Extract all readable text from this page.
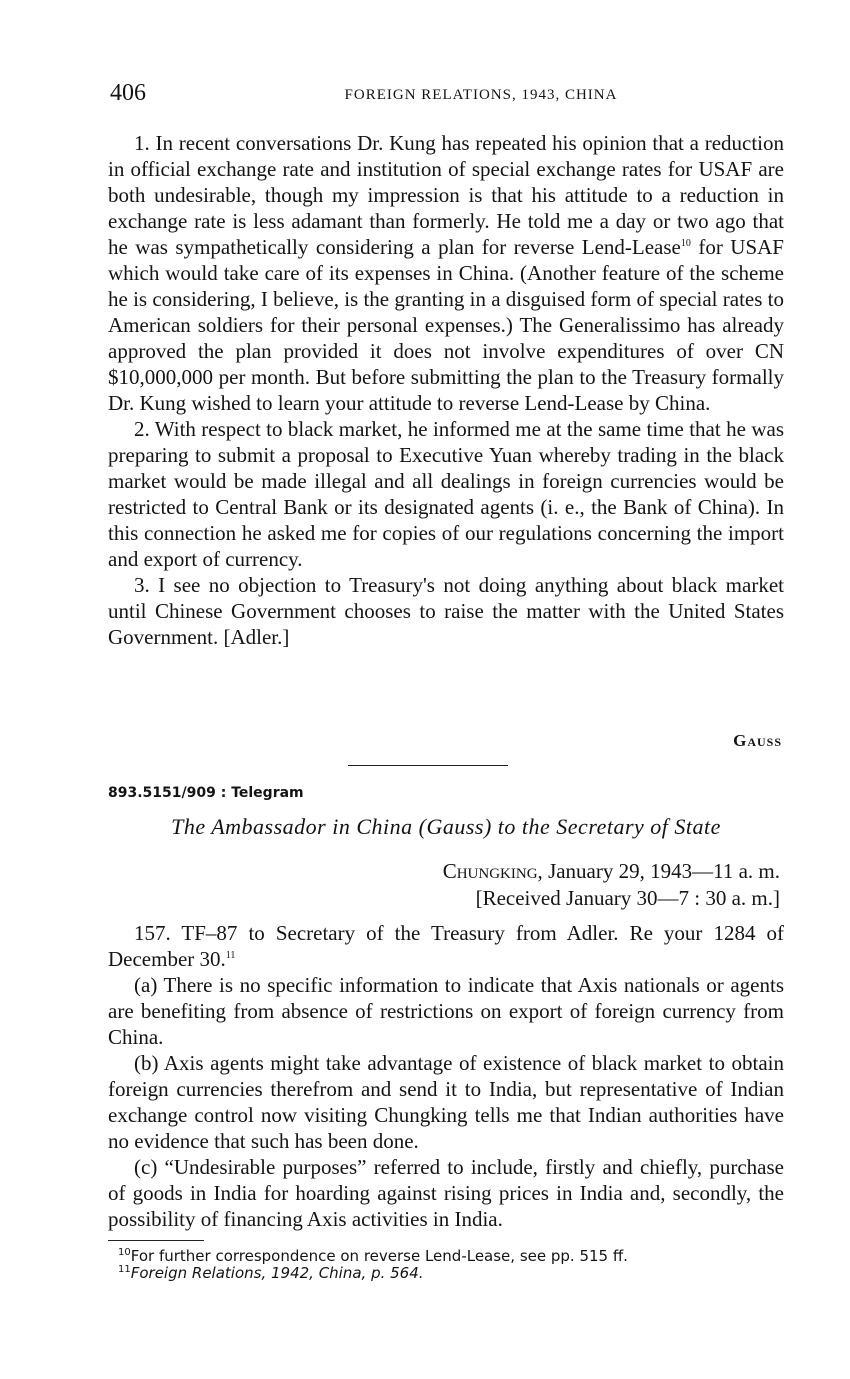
406	FOREIGN RELATIONS, 1943, CHINA

1. In recent conversations Dr. Kung has repeated his opinion that a reduction in official exchange rate and institution of special exchange rates for USAF are both undesirable, though my impression is that his attitude to a reduction in exchange rate is less adamant than formerly. He told me a day or two ago that he was sympathetically considering a plan for reverse Lend-Lease$^{10}$ for USAF which would take care of its expenses in China. (Another feature of the scheme he is considering, I believe, is the granting in a disguised form of special rates to American soldiers for their personal expenses.) The Generalissimo has already approved the plan provided it does not involve expenditures of over CN $10,000,000 per month. But before submitting the plan to the Treasury formally Dr. Kung wished to learn your attitude to reverse Lend-Lease by China.

2. With respect to black market, he informed me at the same time that he was preparing to submit a proposal to Executive Yuan whereby trading in the black market would be made illegal and all dealings in foreign currencies would be restricted to Central Bank or its designated agents (i. e., the Bank of China). In this connection he asked me for copies of our regulations concerning the import and export of currency.

3. I see no objection to Treasury's not doing anything about black market until Chinese Government chooses to raise the matter with the United States Government. [Adler.]

Gauss
893.5151/909 : Telegram
The Ambassador in China (Gauss) to the Secretary of State
Chungking, January 29, 1943—11 a. m.
[Received January 30—7 : 30 a. m.]

157. TF–87 to Secretary of the Treasury from Adler. Re your 1284 of December 30.11

(a) There is no specific information to indicate that Axis nationals or agents are benefiting from absence of restrictions on export of foreign currency from China.

(b) Axis agents might take advantage of existence of black market to obtain foreign currencies therefrom and send it to India, but representative of Indian exchange control now visiting Chungking tells me that Indian authorities have no evidence that such has been done.

(c) “Undesirable purposes” referred to include, firstly and chiefly, purchase of goods in India for hoarding against rising prices in India and, secondly, the possibility of financing Axis activities in India.

$^{10}$For further correspondence on reverse Lend-Lease, see pp. 515 ff.
$^{11}$Foreign Relations, 1942, China, p. 564.
